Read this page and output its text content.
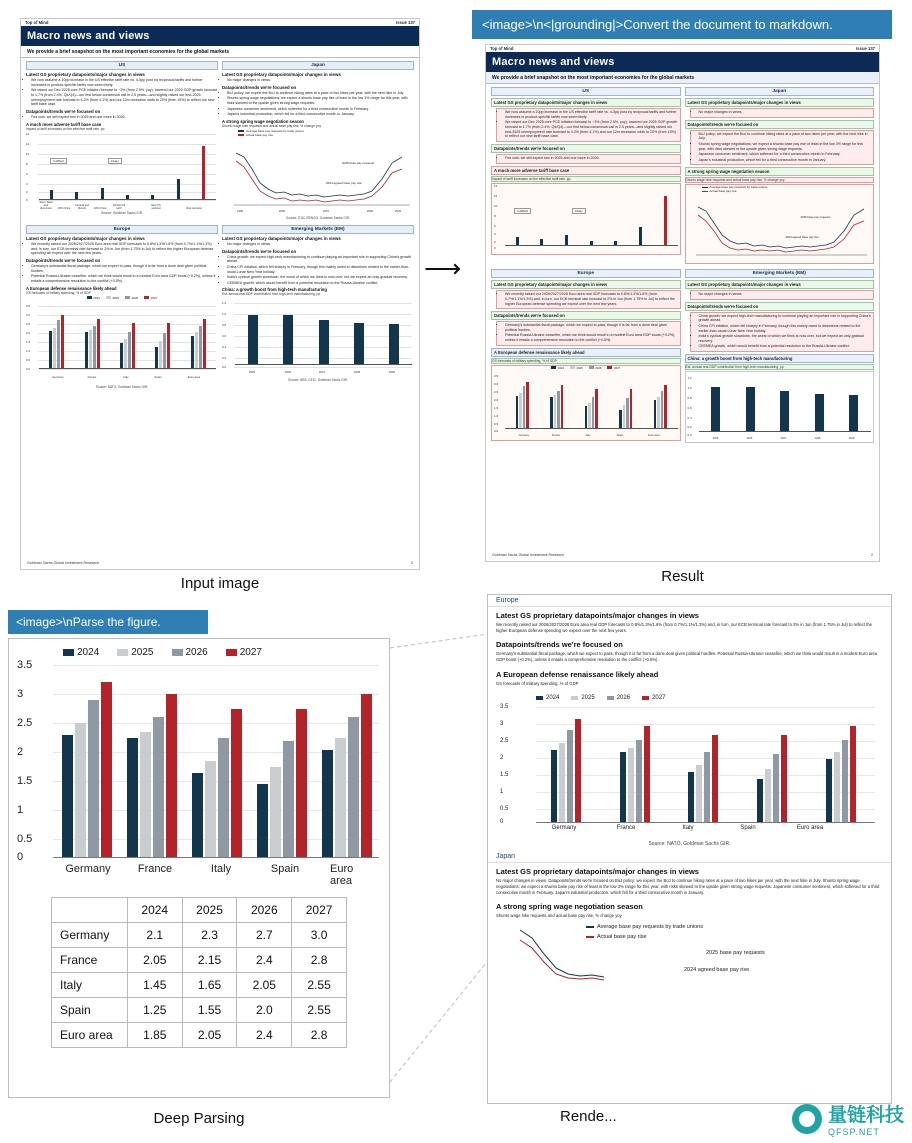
Top of Mind	Issue 137
Macro news and views
We provide a brief snapshot on the most important economies for the global markets
US
Latest GS proprietary datapoints/major changes in views
• We now assume a 10pp increase in the US effective tariff rate vs. 4-5pp post eq reciprocal tariffs and further increases in product-specific tariffs now seem likely.
• We raised our Dec 2025 core PCE inflation forecast to ~3% (from 2.5%, yoy), lowered our 2025 GDP growth forecast to 1.7% (from 2.4%, Q4/Q4)—our first below-consensus call in 2.5 years—and slightly raised our end-2025 unemployment rate forecast to 4.2% (from 4.1%) and our 12m recession odds to 20% (from 15%) to reflect our new tariff base case.
Datapoints/trends we're focused on
• Fed cuts: we still expect two in 2025 and one more in 2026.
A much more adverse tariff base case
Impact of tariff increases on the effective tariff rate, pp
14
12
10
8
6
4
2
0
In Effect	Likely
Steel, Steel and Aluminium	20% China
Canada and Mexico	10% China
Reciprocal tariff
New US sectoral	Risk scenario
Source: Goldman Sachs GIR.
Japan
Latest GS proprietary datapoints/major changes in views
• No major changes in views.
Datapoints/trends we're focused on
• BoJ policy: we expect the BoJ to continue hiking rates at a pace of two hikes per year, with the next hike in July.
• Shunto spring wage negotiations: we expect a shunto base pay rise of least in the low 3% range for this year, with risks skewed to the upside given strong wage requests.
• Japanese consumer sentiment, which softened for a third consecutive month in February.
• Japan's industrial production, which fell for a third consecutive month in January.
A strong spring wage negotiation season
Shunto wage hike requests and actual base pay rise, % change yoy
Average base pay requests by trade unions
Actual base pay rise
2025 base pay requests
2024 agreed base pay rise
1990	2000	2010	2020	2025
Source: ITUC-RENGO, Goldman Sachs GIR.
Europe
Latest GS proprietary datapoints/major changes in views
• We recently raised our 2026/2027/2028 Euro area real GDP forecasts to 0.8%/1.3%/1.6% (from 0.7%/1.1%/1.3%) and, in turn, our ECB terminal rate forecast to 2% in Jun (from 1.75% in Jul) to reflect the higher European defense spending we expect over the next few years.
Datapoints/trends we're focused on
• Germany's substantial fiscal package, which we expect to pass, though it is far from a done deal given political hurdles.
• Potential Russia-Ukraine ceasefire, which we think would result in a modest Euro area GDP boost (+0.2%), unless it entails a comprehensive resolution to the conflict (+0.5%).
A European defense renaissance likely ahead
GS forecasts of military spending, % of GDP
2024	2025	2026	2027
3.5
3.0
2.5
2.0
1.5
1.0
0.5
0.0
Germany	France	Italy	Spain	Euro area
Source: NATO, Goldman Sachs GIR.
Emerging Markets (EM)
Latest GS proprietary datapoints/major changes in views
• No major changes in views.
Datapoints/trends we're focused on
• China growth: we expect high-tech manufacturing to continue playing an important role in supporting China's growth ahead.
• China CPI inflation, which fell sharply in February, though this mainly owed to distortions related to the earlier-than-usual Lunar New Year holiday.
• India's cyclical growth slowdown, the worst of which we think is now over, but we expect an only-gradual recovery.
• CEEMEA growth, which would benefit from a potential resolution to the Russia-Ukraine conflict.
China: a growth boost from high-tech manufacturing
Est. annual real GDP contribution from high-tech manufacturing, pp
1.2
1.0
0.8
0.6
0.4
0.2
0.0
2025	2026	2027	2028	2029
Source: NBS, CEIC, Goldman Sachs GIR.
Goldman Sachs Global Investment Research	2
Input image
⟶
<image>\n<|grounding|>Convert the document to markdown.
Top of Mind	Issue 137
Macro news and views
We provide a brief snapshot on the most important economies for the global markets
US
Latest GS proprietary datapoints/major changes in views
• We now assume a 10pp increase in the US effective tariff rate vs. 4-5pp post eq reciprocal tariffs and further increases in product-specific tariffs now seem likely.
• We raised our Dec 2025 core PCE inflation forecast to ~3% (from 2.5%, yoy), lowered our 2025 GDP growth forecast to 1.7% (from 2.4%, Q4/Q4)—our first below-consensus call in 2.5 years—and slightly raised our end-2025 unemployment rate forecast to 4.2% (from 4.1%) and our 12m recession odds to 20% (from 15%) to reflect our new tariff base case.
Datapoints/trends we're focused on
• Fed cuts: we still expect two in 2025 and one more in 2026.
A much more adverse tariff base case
Impact of tariff increases on the effective tariff rate, pp
14
12
10
8
6
4
2
0
In Effect	Likely
Japan
Latest GS proprietary datapoints/major changes in views
• No major changes in views.
Datapoints/trends we're focused on
• BoJ policy: we expect the BoJ to continue hiking rates at a pace of two hikes per year, with the next hike in July.
• Shunto spring wage negotiations: we expect a shunto base pay rise of least in the low 3% range for this year, with risks skewed to the upside given strong wage requests.
• Japanese consumer sentiment, which softened for a third consecutive month in February.
• Japan's industrial production, which fell for a third consecutive month in January.
A strong spring wage negotiation season
Shunto wage hike requests and actual base pay rise, % change yoy
Average base pay requests by trade unions
Actual base pay rise
2025 base pay requests
2024 agreed base pay rise
Europe
Latest GS proprietary datapoints/major changes in views
• We recently raised our 2026/2027/2028 Euro area real GDP forecasts to 0.8%/1.3%/1.6% (from 0.7%/1.1%/1.3%) and, in turn, our ECB terminal rate forecast to 2% in Jun (from 1.75% in Jul) to reflect the higher European defense spending we expect over the next few years.
Datapoints/trends we're focused on
• Germany's substantial fiscal package, which we expect to pass, though it is far from a done deal given political hurdles.
• Potential Russia-Ukraine ceasefire, which we think would result in a modest Euro area GDP boost (+0.2%), unless it entails a comprehensive resolution to the conflict (+0.5%).
A European defense renaissance likely ahead
GS forecasts of military spending, % of GDP
2024	2025	2026	2027
3.5
3.0
2.5
2.0
1.5
1.0
0.5
0.0
Germany	France	Italy	Spain	Euro area
Emerging Markets (EM)
Latest GS proprietary datapoints/major changes in views
• No major changes in views.
Datapoints/trends we're focused on
• China growth: we expect high-tech manufacturing to continue playing an important role in supporting China's growth ahead.
• China CPI inflation, which fell sharply in February, though this mainly owed to distortions related to the earlier-than-usual Lunar New Year holiday.
• India's cyclical growth slowdown, the worst of which we think is now over, but we expect an only-gradual recovery.
• CEEMEA growth, which would benefit from a potential resolution to the Russia-Ukraine conflict.
China: a growth boost from high-tech manufacturing
Est. annual real GDP contribution from high-tech manufacturing, pp
1.2
1.0
0.8
0.6
0.4
0.2
0.0
2025	2026	2027	2028	2029
Goldman Sachs Global Investment Research	2
Result
<image>\nParse the figure.
2024	2025	2026	2027
3.5
3
2.5
2
1.5
1
0.5
0
Germany France	Italy	Spain	Euro area
	2024	2025	2026	2027
Germany	2.1	2.3	2.7	3.0
France	2.05	2.15	2.4	2.8
Italy	1.45	1.65	2.05	2.55
Spain	1.25	1.55	2.0	2.55
Euro area	1.85	2.05	2.4	2.8
Deep Parsing
Europe
Latest GS proprietary datapoints/major changes in views
We recently raised our 2026/2027/2028 Euro area real GDP forecasts to 0.8%/1.3%/1.6% (from 0.7%/1.1%/1.3%) and, in turn, our ECB terminal rate forecast to 2% in Jun (from 1.75% in Jul) to reflect the higher European defense spending we expect over the next few years.
Datapoints/trends we're focused on
Germany's substantial fiscal package, which we expect to pass, though it is far from a done deal given political hurdles. Potential Russia-Ukraine ceasefire, which we think would result in a modest Euro area GDP boost (+0.2%), unless it entails a comprehensive resolution to the conflict (+0.5%).
A European defense renaissance likely ahead
GS forecasts of military spending, % of GDP
2024	2025	2026	2027
3.5
3
2.5
2
1.5
1
0.5
0
Germany	France	Italy	Spain	Euro area
Source: NATO, Goldman Sachs GIR.
Japan
Latest GS proprietary datapoints/major changes in views
No major changes in views. Datapoints/trends we're focused on BoJ policy: we expect the BoJ to continue hiking rates at a pace of two hikes per year, with the next hike in July. Shunto spring wage negotiations: we expect a shunto base pay rise of least in the low 3% range for this year, with risks skewed to the upside given strong wage requests. Japanese consumer sentiment, which softened for a third consecutive month in February. Japan's industrial production, which fell for a third consecutive month in January.
A strong spring wage negotiation season
Shunto wage hike requests and actual base pay rise, % change yoy
Average base pay requests by trade unions
Actual base pay rise
2025 base pay requests
2024 agreed base pay rise
Rende...	量链科技
QFSP.NET
